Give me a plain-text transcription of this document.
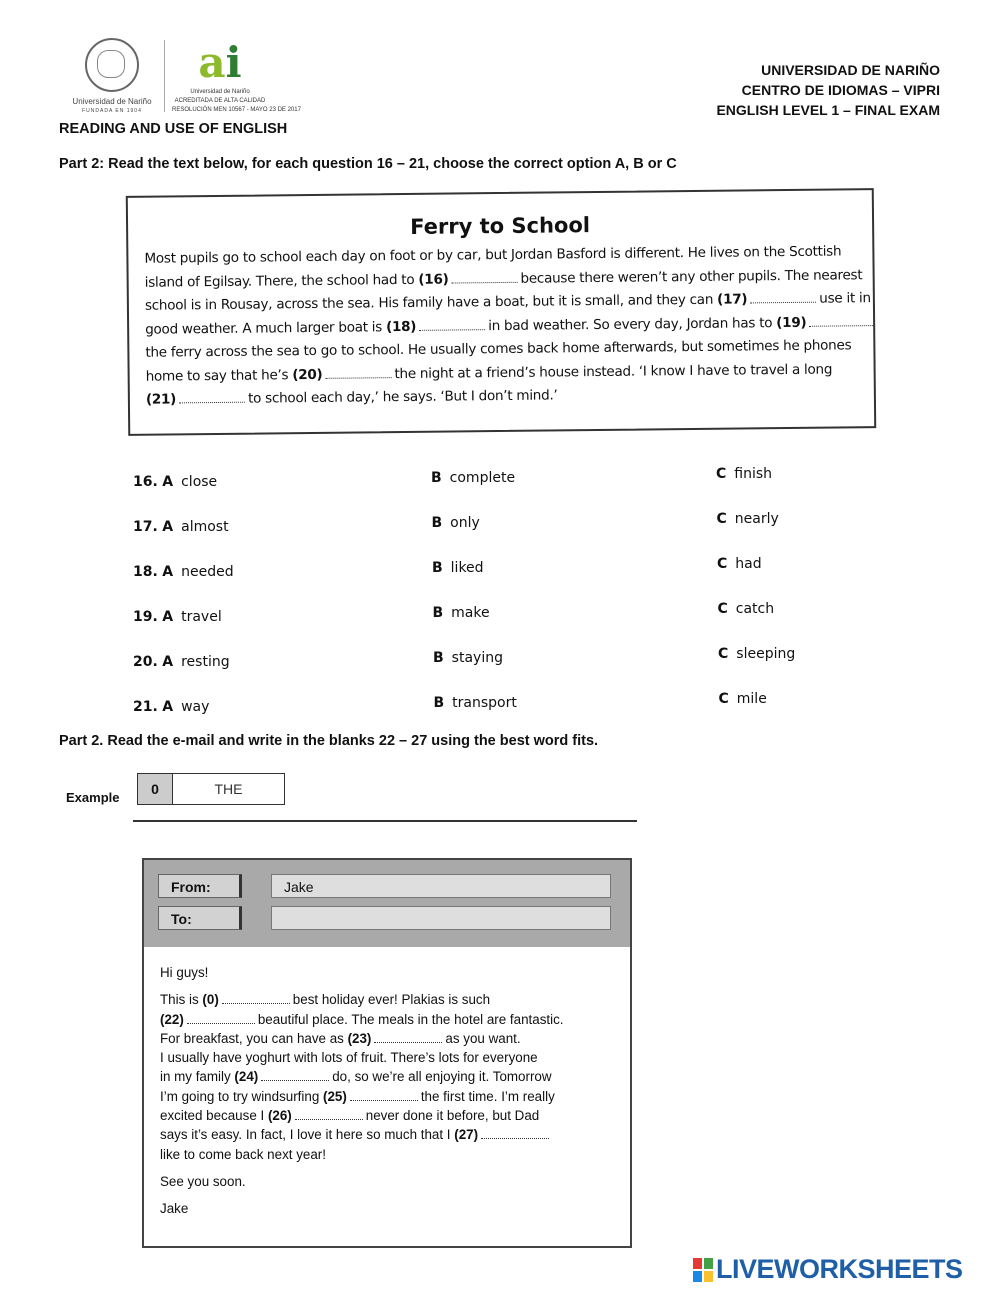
Universidad de Nariño
FUNDADA EN 1904
ai
Universidad de Nariño
ACREDITADA DE ALTA CALIDAD
RESOLUCIÓN MEN 10567 - MAYO 23 DE 2017
UNIVERSIDAD DE NARIÑO
CENTRO DE IDIOMAS – VIPRI
ENGLISH LEVEL 1 – FINAL EXAM
READING AND USE OF ENGLISH
Part 2: Read the text below, for each question 16 – 21, choose the correct option A, B or C
Ferry to School
Most pupils go to school each day on foot or by car, but Jordan Basford is different. He lives on the Scottish
island of Egilsay. There, the school had to (16)	because there weren’t any other pupils. The nearest
school is in Rousay, across the sea. His family have a boat, but it is small, and they can (17)	use it in
good weather. A much larger boat is (18)	in bad weather. So every day, Jordan has to (19)
the ferry across the sea to go to school. He usually comes back home afterwards, but sometimes he phones
home to say that he’s (20)	the night at a friend’s house instead. ‘I know I have to travel a long
(21)	to school each day,’ he says. ‘But I don’t mind.’
16. A close	B complete	C finish
17. A almost	B only	C nearly
18. A needed	B liked	C had
19. A travel	B make	C catch
20. A resting	B staying	C sleeping
21. A way	B transport	C mile
Part 2. Read the e-mail and write in the blanks 22 – 27 using the best word fits.
Example
0	THE
From:	Jake
To:
Hi guys!
This is (0)	best holiday ever! Plakias is such
(22)	beautiful place. The meals in the hotel are fantastic.
For breakfast, you can have as (23)	as you want.
I usually have yoghurt with lots of fruit. There’s lots for everyone
in my family (24)	do, so we’re all enjoying it. Tomorrow
I’m going to try windsurfing (25)	the first time. I’m really
excited because I (26)	never done it before, but Dad
says it’s easy. In fact, I love it here so much that I (27)
like to come back next year!
See you soon.
Jake
LIVEWORKSHEETS
